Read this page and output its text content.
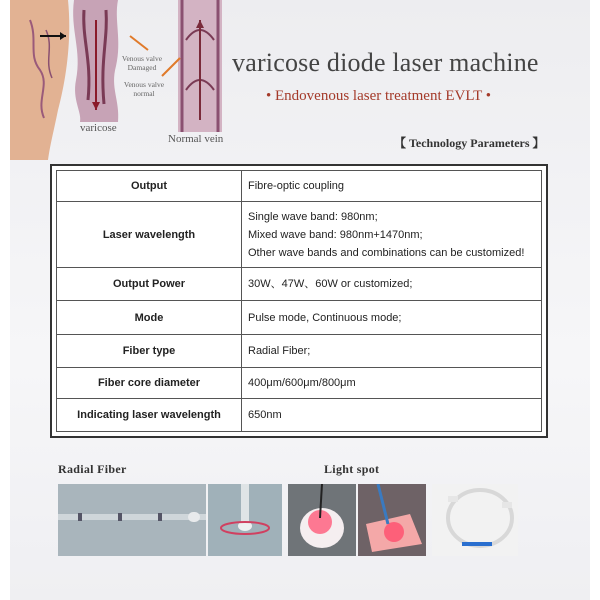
varicose
Normal vein
Venous valve Damaged
Venous valve normal
varicose diode laser machine
• Endovenous laser treatment EVLT •
【 Technology Parameters 】
Output	Fibre-optic coupling

Laser wavelength	Single wave band: 980nm;
Mixed wave band: 980nm+1470nm;
Other wave bands and combinations can be customized!

Output Power	30W、47W、60W or customized;

Mode	Pulse mode, Continuous mode;

Fiber type	Radial Fiber;

Fiber core diameter	400μm/600μm/800μm

Indicating laser wavelength	650nm
Radial Fiber	Light spot
